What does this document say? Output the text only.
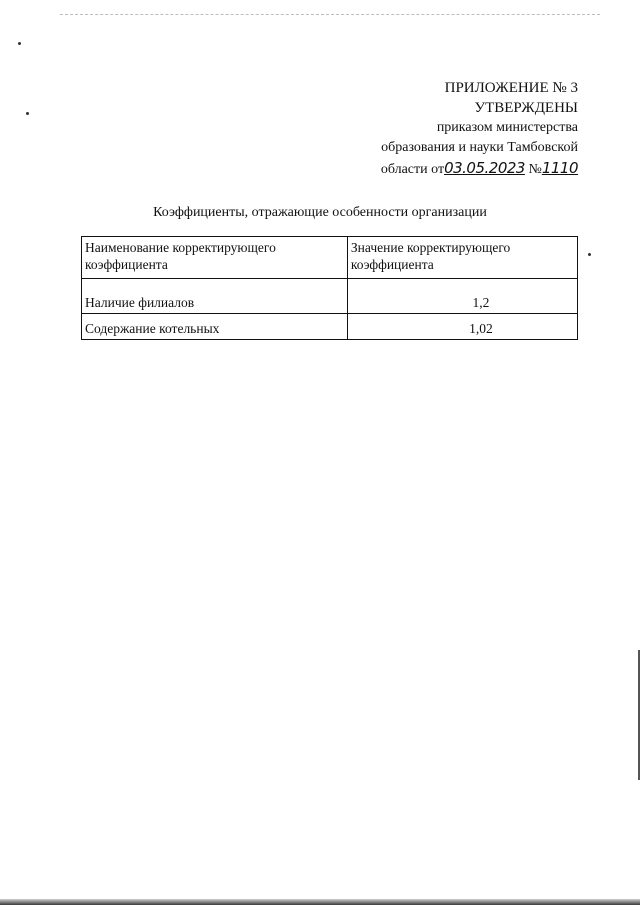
ПРИЛОЖЕНИЕ № 3
УТВЕРЖДЕНЫ
приказом министерства
образования и науки Тамбовской
области от03.05.2023 №1110
Коэффициенты, отражающие особенности организации
Наименование корректирующего коэффициента	Значение корректирующего коэффициента
Наличие филиалов	1,2
Содержание котельных	1,02
